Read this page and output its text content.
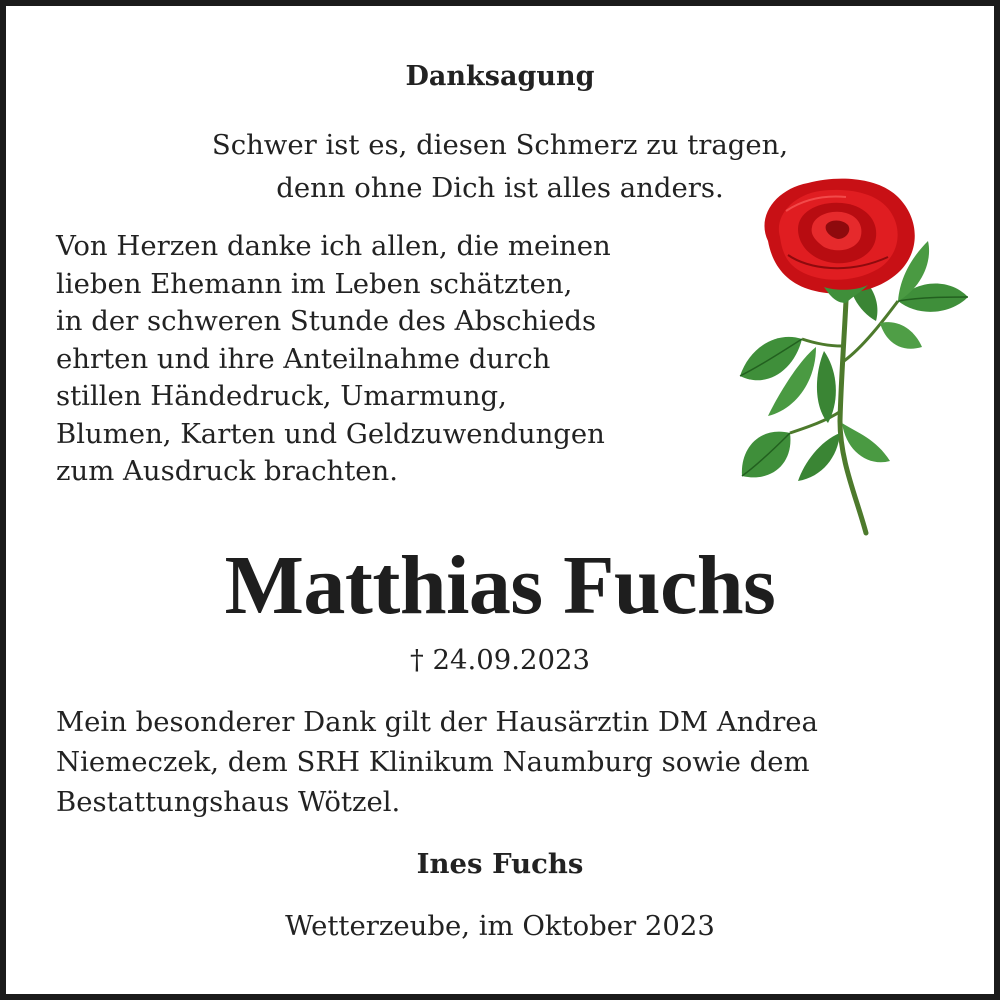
Danksagung
Schwer ist es, diesen Schmerz zu tragen,
denn ohne Dich ist alles anders.
Von Herzen danke ich allen, die meinen
lieben Ehemann im Leben schätzten,
in der schweren Stunde des Abschieds
ehrten und ihre Anteilnahme durch
stillen Händedruck, Umarmung,
Blumen, Karten und Geldzuwendungen
zum Ausdruck brachten.
Matthias Fuchs
† 24.09.2023
Mein besonderer Dank gilt der Hausärztin DM Andrea
Niemeczek, dem SRH Klinikum Naumburg sowie dem
Bestattungshaus Wötzel.
Ines Fuchs
Wetterzeube, im Oktober 2023
